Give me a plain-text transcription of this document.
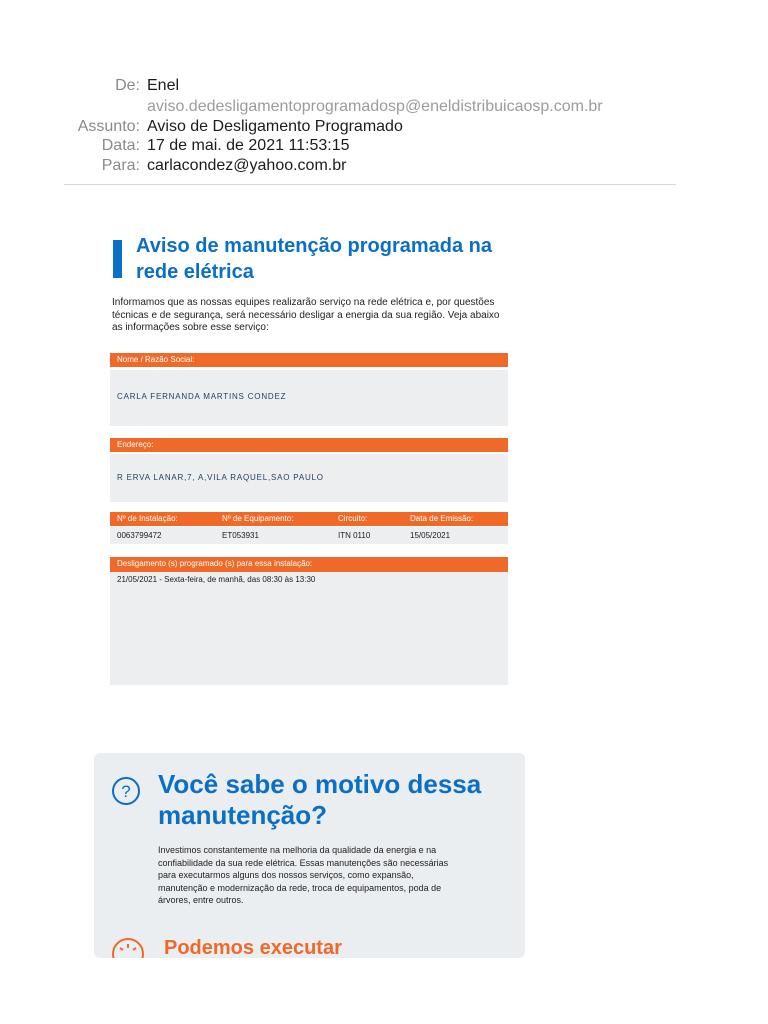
De: Enel
aviso.dedesligamentoprogramadosp@eneldistribuicaosp.com.br
Assunto: Aviso de Desligamento Programado
Data: 17 de mai. de 2021 11:53:15
Para: carlacondez@yahoo.com.br
Aviso de manutenção programada na rede elétrica
Informamos que as nossas equipes realizarão serviço na rede elétrica e, por questões técnicas e de segurança, será necessário desligar a energia da sua região. Veja abaixo as informações sobre esse serviço:
Nome / Razão Social:
CARLA FERNANDA MARTINS CONDEZ
Endereço:
R ERVA LANAR,7, A,VILA RAQUEL,SAO PAULO
Nº de Instalação:	Nº de Equipamento:	Circuito:	Data de Emissão:
0063799472	ET053931	ITN 0110	15/05/2021
Desligamento (s) programado (s) para essa instalação:
21/05/2021 - Sexta-feira, de manhã, das 08:30 às 13:30
? Você sabe o motivo dessa manutenção?
Investimos constantemente na melhoria da qualidade da energia e na confiabilidade da sua rede elétrica. Essas manutenções são necessárias para executarmos alguns dos nossos serviços, como expansão, manutenção e modernização da rede, troca de equipamentos, poda de árvores, entre outros.
Podemos executar
